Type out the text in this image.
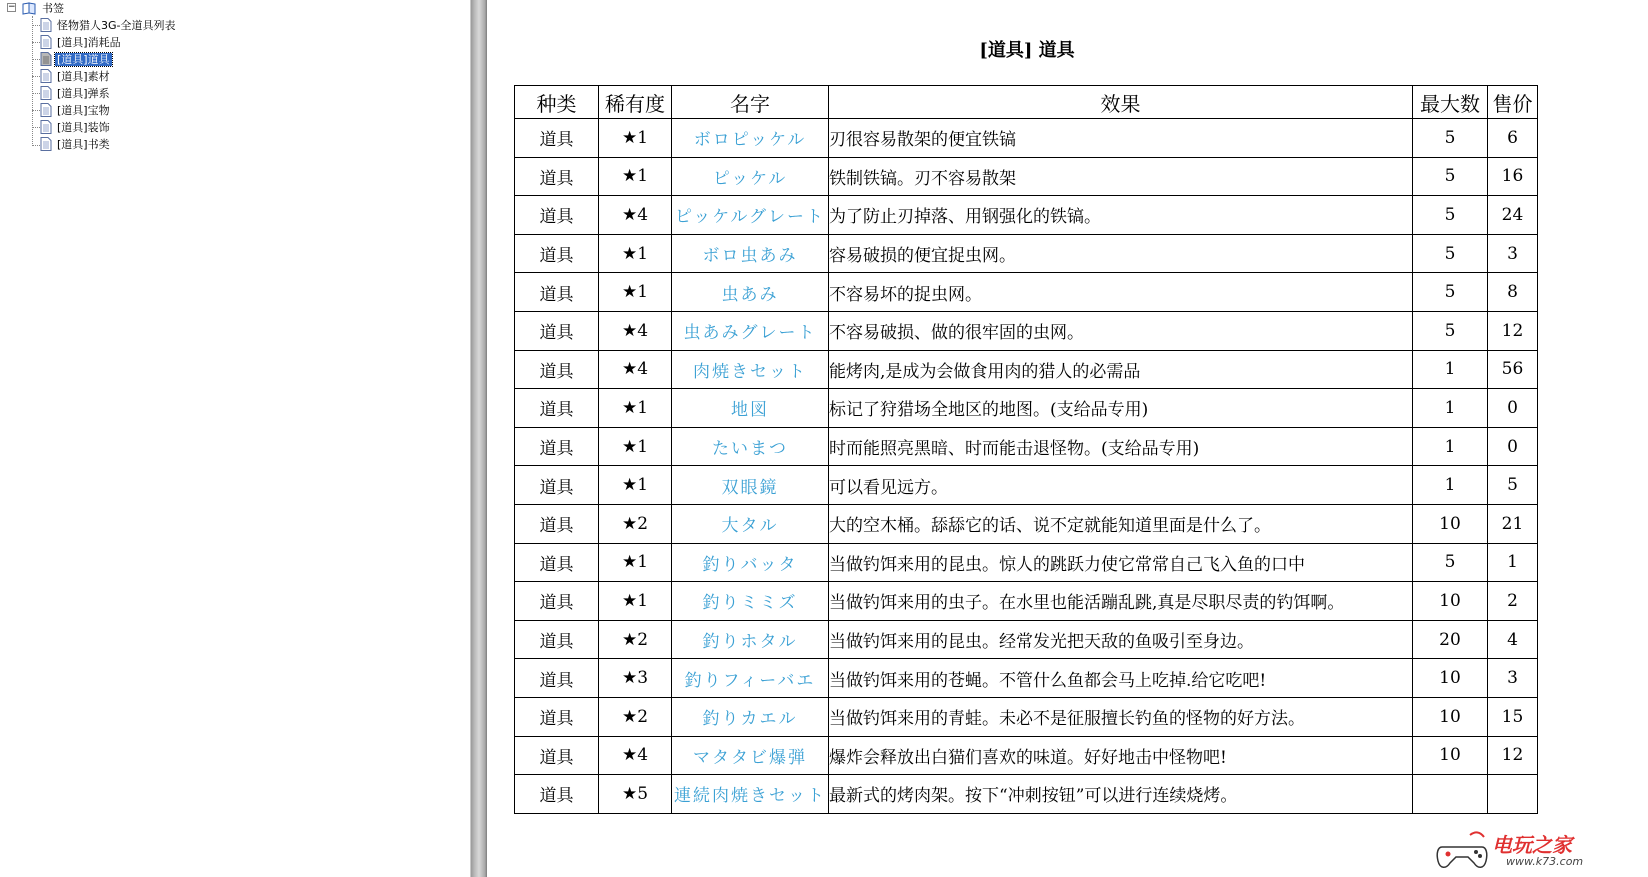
−	书签
怪物猎人3G-全道具列表
[道具]消耗品
[道具]道具
[道具]素材
[道具]弹系
[道具]宝物
[道具]装饰
[道具]书类
[道具] 道具
种类	稀有度	名字	效果	最大数	售价
道具	★1	ボロピッケル	刃很容易散架的便宜铁镐	5	6
道具	★1	ピッケル	铁制铁镐。刃不容易散架	5	16
道具	★4	ピッケルグレート	为了防止刃掉落、用钢强化的铁镐。	5	24
道具	★1	ボロ虫あみ	容易破损的便宜捉虫网。	5	3
道具	★1	虫あみ	不容易坏的捉虫网。	5	8
道具	★4	虫あみグレート	不容易破损、做的很牢固的虫网。	5	12
道具	★4	肉焼きセット	能烤肉,是成为会做食用肉的猎人的必需品	1	56
道具	★1	地図	标记了狩猎场全地区的地图。(支给品专用)	1	0
道具	★1	たいまつ	时而能照亮黑暗、时而能击退怪物。(支给品专用)	1	0
道具	★1	双眼鏡	可以看见远方。	1	5
道具	★2	大タル	大的空木桶。舔舔它的话、说不定就能知道里面是什么了。	10	21
道具	★1	釣りバッタ	当做钓饵来用的昆虫。惊人的跳跃力使它常常自己飞入鱼的口中	5	1
道具	★1	釣りミミズ	当做钓饵来用的虫子。在水里也能活蹦乱跳,真是尽职尽责的钓饵啊。	10	2
道具	★2	釣りホタル	当做钓饵来用的昆虫。经常发光把天敌的鱼吸引至身边。	20	4
道具	★3	釣りフィーバエ	当做钓饵来用的苍蝇。不管什么鱼都会马上吃掉.给它吃吧!	10	3
道具	★2	釣りカエル	当做钓饵来用的青蛙。未必不是征服擅长钓鱼的怪物的好方法。	10	15
道具	★4	マタタビ爆弾	爆炸会释放出白猫们喜欢的味道。好好地击中怪物吧!	10	12
道具	★5	連続肉焼きセット	最新式的烤肉架。按下“冲刺按钮”可以进行连续烧烤。		
电玩之家
www.k73.com
